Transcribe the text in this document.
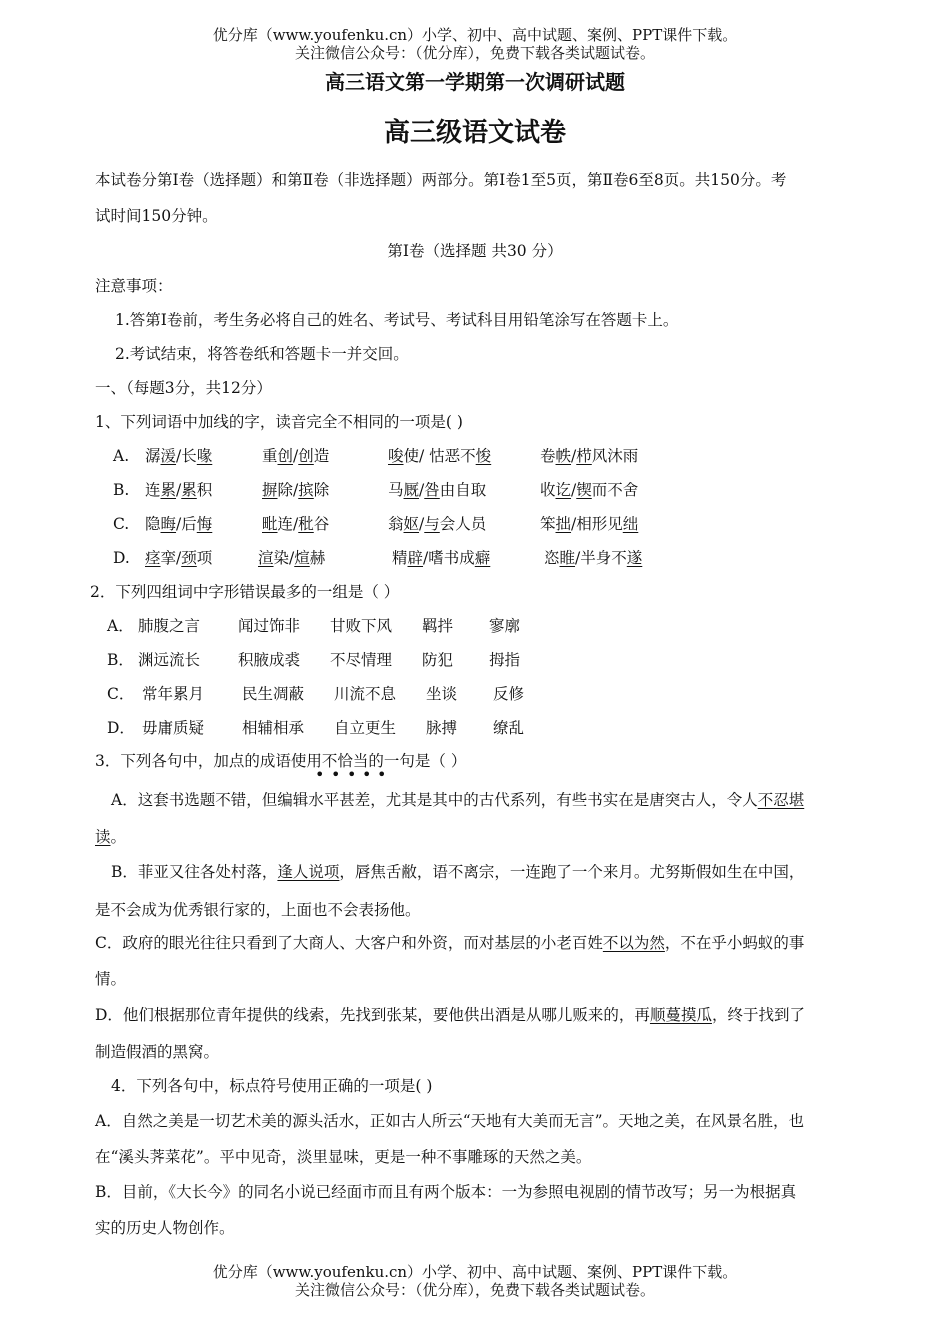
优分库（www.youfenku.cn）小学、初中、高中试题、案例、PPT课件下载。
关注微信公众号：（优分库），免费下载各类试题试卷。
高三语文第一学期第一次调研试题
高三级语文试卷
本试卷分第Ⅰ卷（选择题）和第Ⅱ卷（非选择题）两部分。第Ⅰ卷1至5页，第Ⅱ卷6至8页。共150分。考
试时间150分钟。
第Ⅰ卷（选择题 共30 分）
注意事项：
1.答第Ⅰ卷前，考生务必将自己的姓名、考试号、考试科目用铅笔涂写在答题卡上。
2.考试结束，将答卷纸和答题卡一并交回。
一、（每题3分，共12分）
1、下列词语中加线的字，读音完全不相同的一项是( )
A. 潺湲/长喙	重创/创造	唆使/ 怙恶不悛	卷帙/栉风沐雨
B. 连累/累积	摒除/摈除	马厩/咎由自取	收讫/锲而不舍
C. 隐晦/后悔	毗连/秕谷	翁妪/与会人员	笨拙/相形见绌
D. 痉挛/颈项	渲染/煊赫	精辟/嗜书成癖	恣睢/半身不遂
2．下列四组词中字形错误最多的一组是（ ）
A． 肺腹之言 闻过饰非 甘败下风 羁拌 寥廓
B． 渊远流长 积腋成裘 不尽情理 防犯 拇指
C． 常年累月 民生凋蔽 川流不息 坐谈 反修
D． 毋庸质疑 相辅相承 自立更生 脉搏 缭乱
3．下列各句中，加点的成语使用不恰当的一句是（ ）
• • • • •
A．这套书选题不错，但编辑水平甚差，尤其是其中的古代系列，有些书实在是唐突古人，令人不忍堪
读。
B．菲亚又往各处村落，逢人说项，唇焦舌敝，语不离宗，一连跑了一个来月。尤努斯假如生在中国，
是不会成为优秀银行家的，上面也不会表扬他。
C．政府的眼光往往只看到了大商人、大客户和外资，而对基层的小老百姓不以为然，不在乎小蚂蚁的事
情。
D．他们根据那位青年提供的线索，先找到张某，要他供出酒是从哪儿贩来的，再顺蔓摸瓜，终于找到了
制造假酒的黑窝。
4．下列各句中，标点符号使用正确的一项是( )
A．自然之美是一切艺术美的源头活水，正如古人所云“天地有大美而无言”。天地之美，在风景名胜，也
在“溪头荠菜花”。平中见奇，淡里显味，更是一种不事雕琢的天然之美。
B．目前，《大长今》的同名小说已经面市而且有两个版本：一为参照电视剧的情节改写；另一为根据真
实的历史人物创作。
优分库（www.youfenku.cn）小学、初中、高中试题、案例、PPT课件下载。
关注微信公众号：（优分库），免费下载各类试题试卷。
